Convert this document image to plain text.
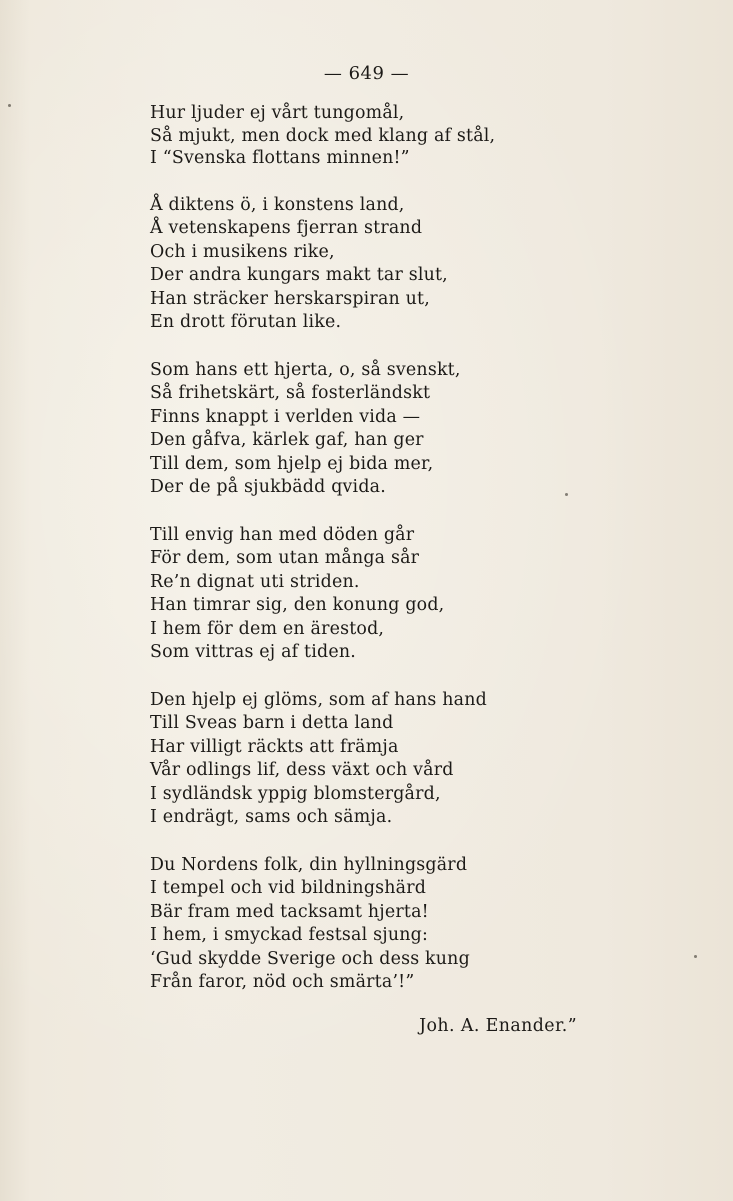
— 649 —
Hur ljuder ej vårt tungomål,
Så mjukt, men dock med klang af stål,
I “Svenska flottans minnen!”
Å diktens ö, i konstens land,
Å vetenskapens fjerran strand
Och i musikens rike,
Der andra kungars makt tar slut,
Han sträcker herskarspiran ut,
En drott förutan like.
Som hans ett hjerta, o, så svenskt,
Så frihetskärt, så fosterländskt
Finns knappt i verlden vida —
Den gåfva, kärlek gaf, han ger
Till dem, som hjelp ej bida mer,
Der de på sjukbädd qvida.
Till envig han med döden går
För dem, som utan många sår
Re’n dignat uti striden.
Han timrar sig, den konung god,
I hem för dem en ärestod,
Som vittras ej af tiden.
Den hjelp ej glöms, som af hans hand
Till Sveas barn i detta land
Har villigt räckts att främja
Vår odlings lif, dess växt och vård
I sydländsk yppig blomstergård,
I endrägt, sams och sämja.
Du Nordens folk, din hyllningsgärd
I tempel och vid bildningshärd
Bär fram med tacksamt hjerta!
I hem, i smyckad festsal sjung:
‘Gud skydde Sverige och dess kung
Från faror, nöd och smärta’!”
Joh. A. Enander.”
